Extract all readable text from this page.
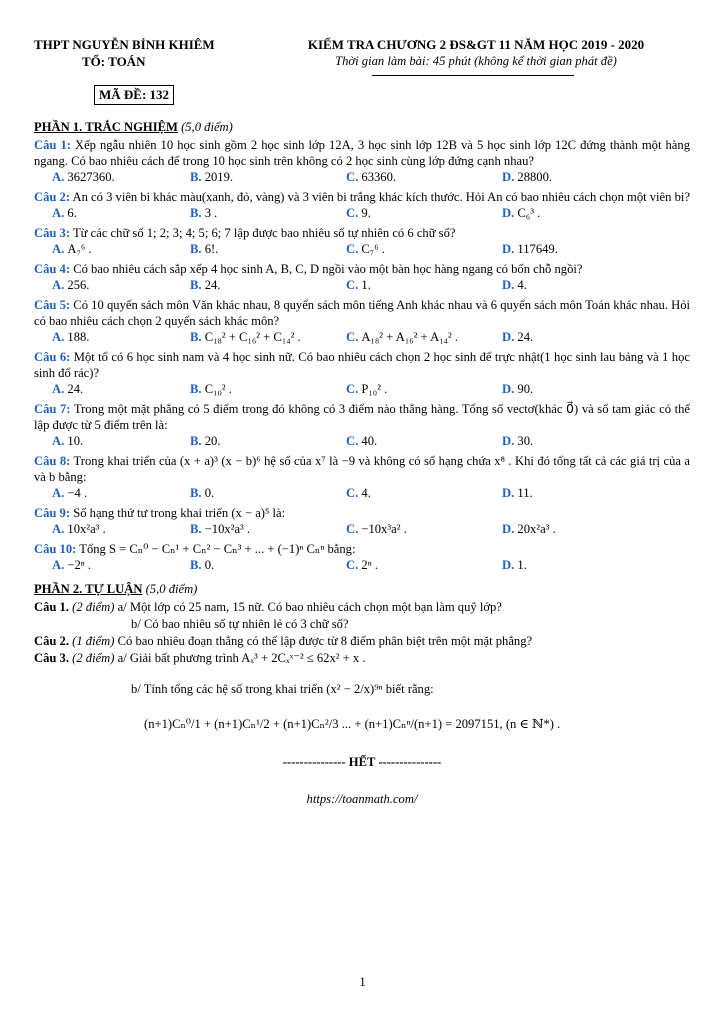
THPT NGUYỄN BỈNH KHIÊM
TỔ: TOÁN
KIỂM TRA CHƯƠNG 2 ĐS&GT 11 NĂM HỌC 2019 - 2020
Thời gian làm bài: 45 phút (không kể thời gian phát đề)
MÃ ĐỀ: 132
PHẦN 1. TRẮC NGHIỆM (5,0 điểm)
Câu 1: Xếp ngẫu nhiên 10 học sinh gồm 2 học sinh lớp 12A, 3 học sinh lớp 12B và 5 học sinh lớp 12C đứng thành một hàng ngang. Có bao nhiêu cách để trong 10 học sinh trên không có 2 học sinh cùng lớp đứng cạnh nhau?
A. 3627360.	B. 2019.	C. 63360.	D. 28800.
Câu 2: An có 3 viên bi khác màu(xanh, đỏ, vàng) và 3 viên bi trắng khác kích thước. Hỏi An có bao nhiêu cách chọn một viên bi?
A. 6.	B. 3 .	C. 9.	D. C₆³ .
Câu 3: Từ các chữ số 1; 2; 3; 4; 5; 6; 7 lập được bao nhiêu số tự nhiên có 6 chữ số?
A. A₇⁶ .	B. 6!.	C. C₇⁶ .	D. 117649.
Câu 4: Có bao nhiêu cách sắp xếp 4 học sinh A, B, C, D ngồi vào một bàn học hàng ngang có bốn chỗ ngồi?
A. 256.	B. 24.	C. 1.	D. 4.
Câu 5: Có 10 quyển sách môn Văn khác nhau, 8 quyển sách môn tiếng Anh khác nhau và 6 quyển sách môn Toán khác nhau. Hỏi có bao nhiêu cách chọn 2 quyển sách khác môn?
A. 188.	B. C₁₈² + C₁₆² + C₁₄² .	C. A₁₈² + A₁₆² + A₁₄² .	D. 24.
Câu 6: Một tổ có 6 học sinh nam và 4 học sinh nữ. Có bao nhiêu cách chọn 2 học sinh để trực nhật(1 học sinh lau bảng và 1 học sinh đổ rác)?
A. 24.	B. C₁₀² .	C. P₁₀² .	D. 90.
Câu 7: Trong một mặt phẳng có 5 điểm trong đó không có 3 điểm nào thẳng hàng. Tổng số vectơ(khác 0⃗) và số tam giác có thể lập được từ 5 điểm trên là:
A. 10.	B. 20.	C. 40.	D. 30.
Câu 8: Trong khai triển của (x + a)³ (x − b)⁶ hệ số của x⁷ là −9 và không có số hạng chứa x⁸ . Khi đó tổng tất cả các giá trị của a và b bằng:
A. −4 .	B. 0.	C. 4.	D. 11.
Câu 9: Số hạng thứ tư trong khai triển (x − a)⁵ là:
A. 10x²a³ .	B. −10x²a³ .	C. −10x³a² .	D. 20x²a³ .
Câu 10: Tổng S = Cₙ⁰ − Cₙ¹ + Cₙ² − Cₙ³ + ... + (−1)ⁿ Cₙⁿ bằng:
A. −2ⁿ .	B. 0.	C. 2ⁿ .	D. 1.
PHẦN 2. TỰ LUẬN (5,0 điểm)
Câu 1. (2 điểm) a/ Một lớp có 25 nam, 15 nữ. Có bao nhiêu cách chọn một bạn làm quỹ lớp?
b/ Có bao nhiêu số tự nhiên lẻ có 3 chữ số?
Câu 2. (1 điểm) Có bao nhiêu đoạn thẳng có thể lập được từ 8 điểm phân biệt trên một mặt phẳng?
Câu 3. (2 điểm) a/ Giải bất phương trình Aₓ³ + 2Cₓˣ⁻² ≤ 62x² + x .
b/ Tính tổng các hệ số trong khai triển (x² − 2/x)⁹ⁿ biết rằng:
(n+1)Cₙ⁰/1 + (n+1)Cₙ¹/2 + (n+1)Cₙ²/3 ... + (n+1)Cₙⁿ/(n+1) = 2097151, (n ∈ ℕ*) .
--------------- HẾT ---------------
https://toanmath.com/
1
